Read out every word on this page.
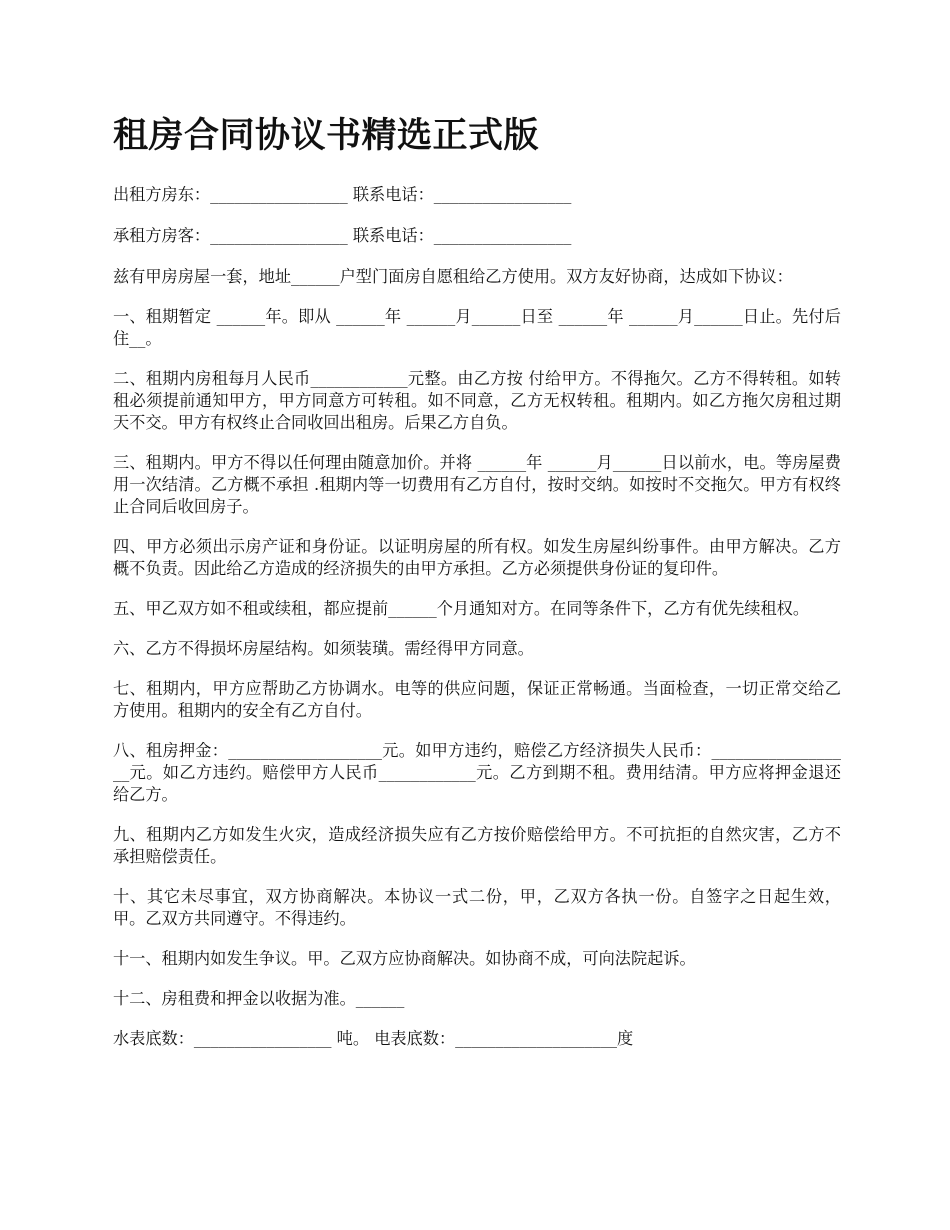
租房合同协议书精选正式版

出租方房东：_________________ 联系电话：_________________

承租方房客：_________________ 联系电话：_________________

兹有甲房房屋一套，地址______户型门面房自愿租给乙方使用。双方友好协商，达成如下协议：

一、租期暂定 ______年。即从 ______年 ______月______日至 ______年 ______月______日止。先付后住__。

二、租期内房租每月人民币____________元整。由乙方按 付给甲方。不得拖欠。乙方不得转租。如转租必须提前通知甲方，甲方同意方可转租。如不同意，乙方无权转租。租期内。如乙方拖欠房租过期天不交。甲方有权终止合同收回出租房。后果乙方自负。

三、租期内。甲方不得以任何理由随意加价。并将 ______年 ______月______日以前水，电。等房屋费用一次结清。乙方概不承担 .租期内等一切费用有乙方自付，按时交纳。如按时不交拖欠。甲方有权终止合同后收回房子。

四、甲方必须出示房产证和身份证。以证明房屋的所有权。如发生房屋纠纷事件。由甲方解决。乙方概不负责。因此给乙方造成的经济损失的由甲方承担。乙方必须提供身份证的复印件。

五、甲乙双方如不租或续租，都应提前______个月通知对方。在同等条件下，乙方有优先续租权。

六、乙方不得损坏房屋结构。如须装璜。需经得甲方同意。

七、租期内，甲方应帮助乙方协调水。电等的供应问题，保证正常畅通。当面检查，一切正常交给乙方使用。租期内的安全有乙方自付。

八、租房押金：___________________元。如甲方违约，赔偿乙方经济损失人民币：__________________元。如乙方违约。赔偿甲方人民币____________元。乙方到期不租。费用结清。甲方应将押金退还给乙方。

九、租期内乙方如发生火灾，造成经济损失应有乙方按价赔偿给甲方。不可抗拒的自然灾害，乙方不承担赔偿责任。

十、其它未尽事宜，双方协商解决。本协议一式二份，甲，乙双方各执一份。自签字之日起生效，甲。乙双方共同遵守。不得违约。

十一、租期内如发生争议。甲。乙双方应协商解决。如协商不成，可向法院起诉。

十二、房租费和押金以收据为准。______

水表底数：_________________ 吨。 电表底数：____________________度
